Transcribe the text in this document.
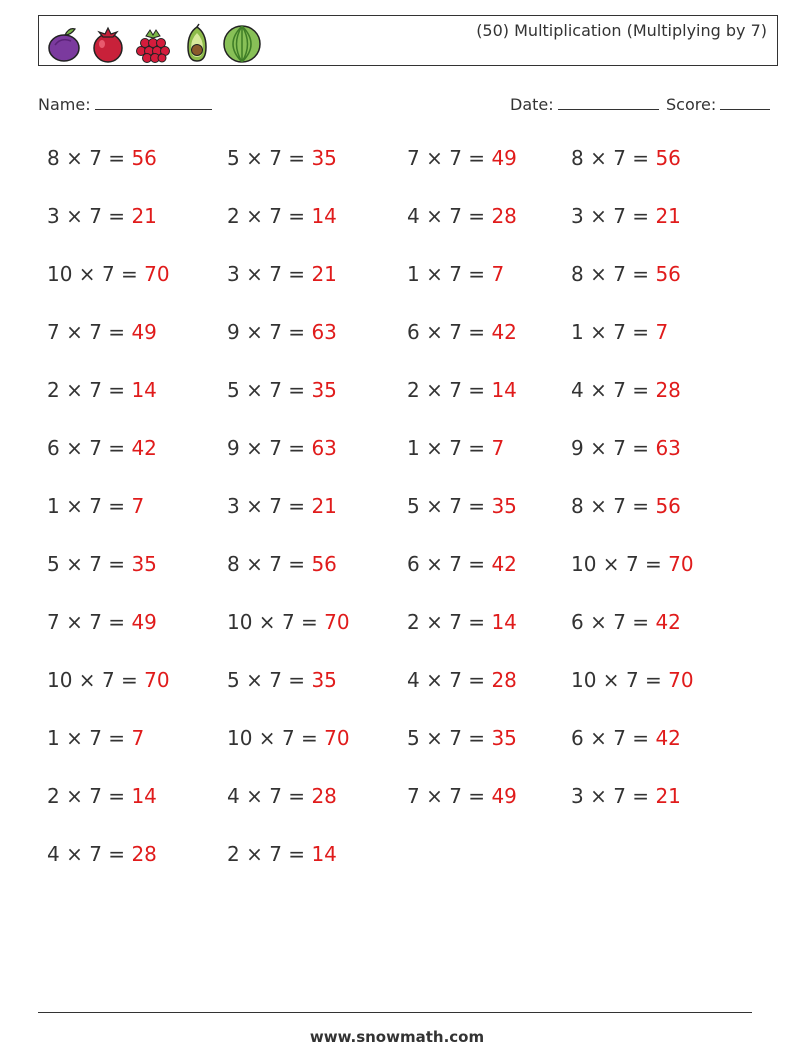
(50) Multiplication (Multiplying by 7)
Name:	Date:	Score:
8 × 7 = 56
3 × 7 = 21
10 × 7 = 70
7 × 7 = 49
2 × 7 = 14
6 × 7 = 42
1 × 7 = 7
5 × 7 = 35
7 × 7 = 49
10 × 7 = 70
1 × 7 = 7
2 × 7 = 14
4 × 7 = 28
5 × 7 = 35
2 × 7 = 14
3 × 7 = 21
9 × 7 = 63
5 × 7 = 35
9 × 7 = 63
3 × 7 = 21
8 × 7 = 56
10 × 7 = 70
5 × 7 = 35
10 × 7 = 70
4 × 7 = 28
2 × 7 = 14
7 × 7 = 49
4 × 7 = 28
1 × 7 = 7
6 × 7 = 42
2 × 7 = 14
1 × 7 = 7
5 × 7 = 35
6 × 7 = 42
2 × 7 = 14
4 × 7 = 28
5 × 7 = 35
7 × 7 = 49
8 × 7 = 56
3 × 7 = 21
8 × 7 = 56
1 × 7 = 7
4 × 7 = 28
9 × 7 = 63
8 × 7 = 56
10 × 7 = 70
6 × 7 = 42
10 × 7 = 70
6 × 7 = 42
3 × 7 = 21
www.snowmath.com
